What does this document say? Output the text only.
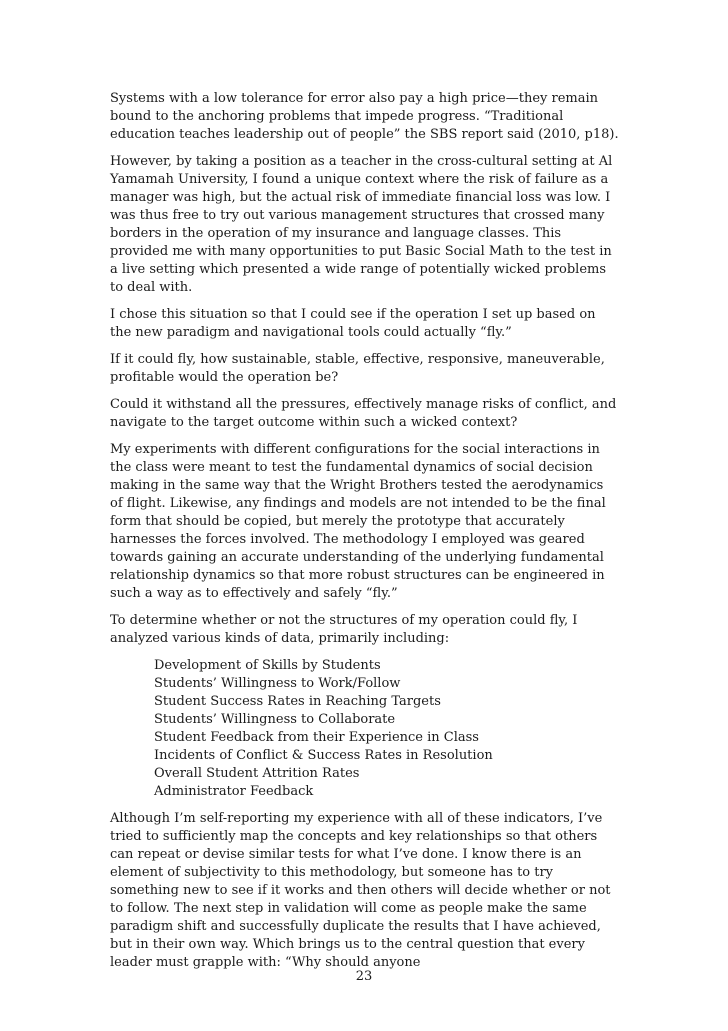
Systems with a low tolerance for error also pay a high price—they remain bound to the anchoring problems that impede progress. “Traditional education teaches leadership out of people” the SBS report said (2010, p18).

However, by taking a position as a teacher in the cross-cultural setting at Al Yamamah University, I found a unique context where the risk of failure as a manager was high, but the actual risk of immediate financial loss was low. I was thus free to try out various management structures that crossed many borders in the operation of my insurance and language classes. This provided me with many opportunities to put Basic Social Math to the test in a live setting which presented a wide range of potentially wicked problems to deal with.

I chose this situation so that I could see if the operation I set up based on the new paradigm and navigational tools could actually “fly.”

If it could fly, how sustainable, stable, effective, responsive, maneuverable, profitable would the operation be?

Could it withstand all the pressures, effectively manage risks of conflict, and navigate to the target outcome within such a wicked context?

My experiments with different configurations for the social interactions in the class were meant to test the fundamental dynamics of social decision making in the same way that the Wright Brothers tested the aerodynamics of flight. Likewise, any findings and models are not intended to be the final form that should be copied, but merely the prototype that accurately harnesses the forces involved. The methodology I employed was geared towards gaining an accurate understanding of the underlying fundamental relationship dynamics so that more robust structures can be engineered in such a way as to effectively and safely “fly.”

To determine whether or not the structures of my operation could fly, I analyzed various kinds of data, primarily including:

Development of Skills by Students
Students’ Willingness to Work/Follow
Student Success Rates in Reaching Targets
Students’ Willingness to Collaborate
Student Feedback from their Experience in Class
Incidents of Conflict & Success Rates in Resolution
Overall Student Attrition Rates
Administrator Feedback

Although I’m self-reporting my experience with all of these indicators, I’ve tried to sufficiently map the concepts and key relationships so that others can repeat or devise similar tests for what I’ve done. I know there is an element of subjectivity to this methodology, but someone has to try something new to see if it works and then others will decide whether or not to follow. The next step in validation will come as people make the same paradigm shift and successfully duplicate the results that I have achieved, but in their own way. Which brings us to the central question that every leader must grapple with: “Why should anyone

23
